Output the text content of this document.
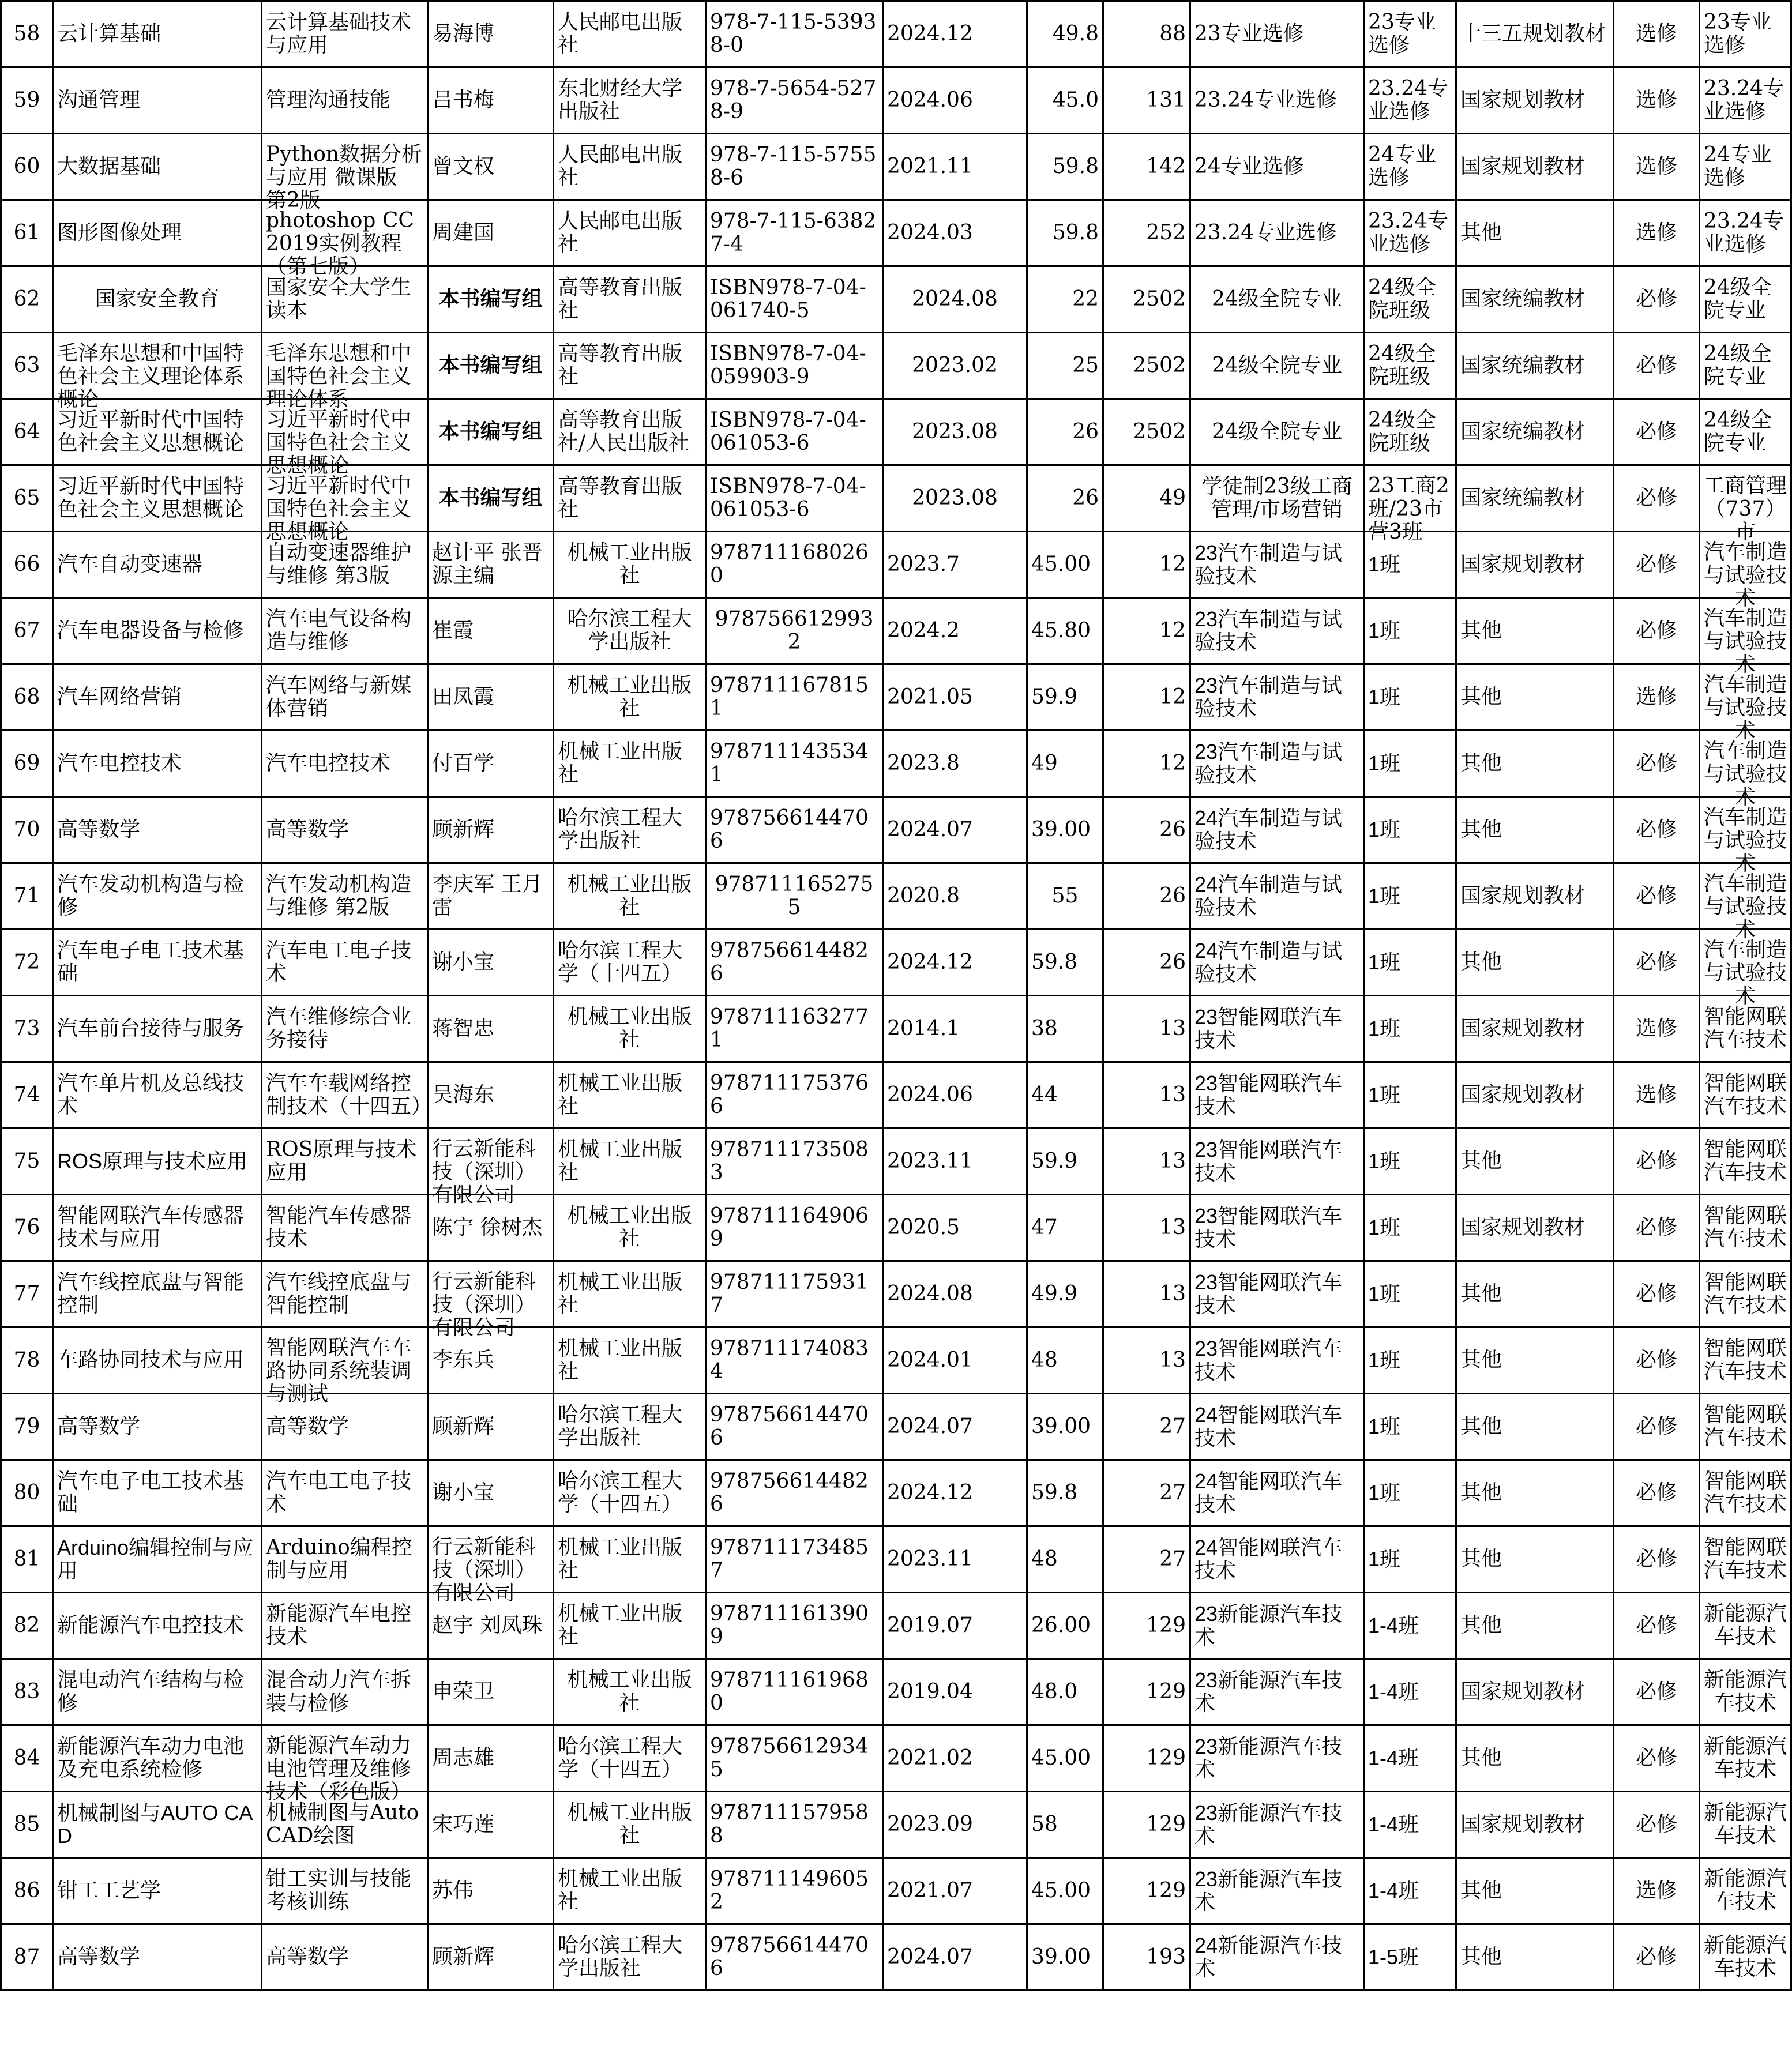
58	云计算基础	云计算基础技术与应用	易海博	人民邮电出版社	978-7-115-53938-0	2024.12	49.8	88	23专业选修	23专业选修	十三五规划教材	选修	23专业选修

59	沟通管理	管理沟通技能	吕书梅	东北财经大学出版社	978-7-5654-5278-9	2024.06	45.0	131	23.24专业选修	23.24专业选修	国家规划教材	选修	23.24专业选修

60	大数据基础	Python数据分析与应用 微课版 第2版	曾文权	人民邮电出版社	978-7-115-57558-6	2021.11	59.8	142	24专业选修	24专业选修	国家规划教材	选修	24专业选修

61	图形图像处理	photoshop CC 2019实例教程（第七版）	周建国	人民邮电出版社	978-7-115-63827-4	2024.03	59.8	252	23.24专业选修	23.24专业选修	其他	选修	23.24专业选修

62	国家安全教育	国家安全大学生读本	本书编写组	高等教育出版社	ISBN978-7-04-061740-5	2024.08	22	2502	24级全院专业	24级全院班级	国家统编教材	必修	24级全院专业

63	毛泽东思想和中国特色社会主义理论体系概论	毛泽东思想和中国特色社会主义理论体系	本书编写组	高等教育出版社	ISBN978-7-04-059903-9	2023.02	25	2502	24级全院专业	24级全院班级	国家统编教材	必修	24级全院专业

64	习近平新时代中国特色社会主义思想概论	习近平新时代中国特色社会主义思想概论	本书编写组	高等教育出版社/人民出版社	ISBN978-7-04-061053-6	2023.08	26	2502	24级全院专业	24级全院班级	国家统编教材	必修	24级全院专业

65	习近平新时代中国特色社会主义思想概论	习近平新时代中国特色社会主义思想概论	本书编写组	高等教育出版社	ISBN978-7-04-061053-6	2023.08	26	49	学徒制23级工商管理/市场营销	23工商2班/23市营3班	国家统编教材	必修	工商管理（737）市

66	汽车自动变速器	自动变速器维护与维修 第3版	赵计平 张晋源主编	机械工业出版社	9787111680260	2023.7	45.00	12	23汽车制造与试验技术	1班	国家规划教材	必修	汽车制造与试验技术

67	汽车电器设备与检修	汽车电气设备构造与维修	崔霞	哈尔滨工程大学出版社	9787566129932	2024.2	45.80	12	23汽车制造与试验技术	1班	其他	必修	汽车制造与试验技术

68	汽车网络营销	汽车网络与新媒体营销	田凤霞	机械工业出版社	9787111678151	2021.05	59.9	12	23汽车制造与试验技术	1班	其他	选修	汽车制造与试验技术

69	汽车电控技术	汽车电控技术	付百学	机械工业出版社	9787111435341	2023.8	49	12	23汽车制造与试验技术	1班	其他	必修	汽车制造与试验技术

70	高等数学	高等数学	顾新辉	哈尔滨工程大学出版社	9787566144706	2024.07	39.00	26	24汽车制造与试验技术	1班	其他	必修	汽车制造与试验技术

71	汽车发动机构造与检修	汽车发动机构造与维修 第2版	李庆军 王月雷	机械工业出版社	9787111652755	2020.8	55	26	24汽车制造与试验技术	1班	国家规划教材	必修	汽车制造与试验技术

72	汽车电子电工技术基础	汽车电工电子技术	谢小宝	哈尔滨工程大学（十四五）	9787566144826	2024.12	59.8	26	24汽车制造与试验技术	1班	其他	必修	汽车制造与试验技术

73	汽车前台接待与服务	汽车维修综合业务接待	蒋智忠	机械工业出版社	9787111632771	2014.1	38	13	23智能网联汽车技术	1班	国家规划教材	选修	智能网联汽车技术

74	汽车单片机及总线技术	汽车车载网络控制技术（十四五）	吴海东	机械工业出版社	9787111753766	2024.06	44	13	23智能网联汽车技术	1班	国家规划教材	选修	智能网联汽车技术

75	ROS原理与技术应用	ROS原理与技术应用	行云新能科技（深圳）有限公司	机械工业出版社	9787111735083	2023.11	59.9	13	23智能网联汽车技术	1班	其他	必修	智能网联汽车技术

76	智能网联汽车传感器技术与应用	智能汽车传感器技术	陈宁 徐树杰	机械工业出版社	9787111649069	2020.5	47	13	23智能网联汽车技术	1班	国家规划教材	必修	智能网联汽车技术

77	汽车线控底盘与智能控制	汽车线控底盘与智能控制	行云新能科技（深圳）有限公司	机械工业出版社	9787111759317	2024.08	49.9	13	23智能网联汽车技术	1班	其他	必修	智能网联汽车技术

78	车路协同技术与应用	智能网联汽车车路协同系统装调与测试	李东兵	机械工业出版社	9787111740834	2024.01	48	13	23智能网联汽车技术	1班	其他	必修	智能网联汽车技术

79	高等数学	高等数学	顾新辉	哈尔滨工程大学出版社	9787566144706	2024.07	39.00	27	24智能网联汽车技术	1班	其他	必修	智能网联汽车技术

80	汽车电子电工技术基础	汽车电工电子技术	谢小宝	哈尔滨工程大学（十四五）	9787566144826	2024.12	59.8	27	24智能网联汽车技术	1班	其他	必修	智能网联汽车技术

81	Arduino编辑控制与应用	Arduino编程控制与应用	行云新能科技（深圳）有限公司	机械工业出版社	9787111734857	2023.11	48	27	24智能网联汽车技术	1班	其他	必修	智能网联汽车技术

82	新能源汽车电控技术	新能源汽车电控技术	赵宇 刘凤珠	机械工业出版社	9787111613909	2019.07	26.00	129	23新能源汽车技术	1-4班	其他	必修	新能源汽车技术

83	混电动汽车结构与检修	混合动力汽车拆装与检修	申荣卫	机械工业出版社	9787111619680	2019.04	48.0	129	23新能源汽车技术	1-4班	国家规划教材	必修	新能源汽车技术

84	新能源汽车动力电池及充电系统检修	新能源汽车动力电池管理及维修技术（彩色版）	周志雄	哈尔滨工程大学（十四五）	9787566129345	2021.02	45.00	129	23新能源汽车技术	1-4班	其他	必修	新能源汽车技术

85	机械制图与AUTO CAD	机械制图与AutoCAD绘图	宋巧莲	机械工业出版社	9787111579588	2023.09	58	129	23新能源汽车技术	1-4班	国家规划教材	必修	新能源汽车技术

86	钳工工艺学	钳工实训与技能考核训练	苏伟	机械工业出版社	9787111496052	2021.07	45.00	129	23新能源汽车技术	1-4班	其他	选修	新能源汽车技术

87	高等数学	高等数学	顾新辉	哈尔滨工程大学出版社	9787566144706	2024.07	39.00	193	24新能源汽车技术	1-5班	其他	必修	新能源汽车技术
